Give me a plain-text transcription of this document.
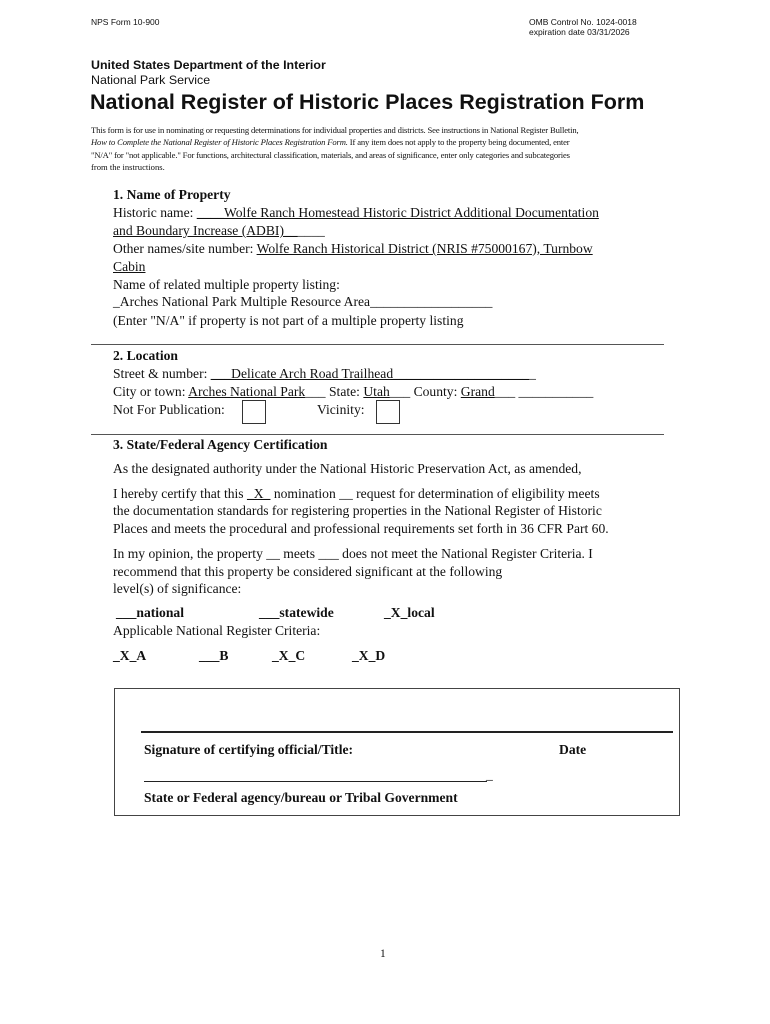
NPS Form 10-900	OMB Control No. 1024-0018
expiration date 03/31/2026
United States Department of the Interior
National Park Service
National Register of Historic Places Registration Form
This form is for use in nominating or requesting determinations for individual properties and districts. See instructions in National Register Bulletin,
How to Complete the National Register of Historic Places Registration Form. If any item does not apply to the property being documented, enter
"N/A" for "not applicable." For functions, architectural classification, materials, and areas of significance, enter only categories and subcategories
from the instructions.
1. Name of Property
Historic name: ____Wolfe Ranch Homestead Historic District Additional Documentation
and Boundary Increase (ADBI)______
Other names/site number: Wolfe Ranch Historical District (NRIS #75000167), Turnbow
Cabin
Name of related multiple property listing:
_Arches National Park Multiple Resource Area__________________
(Enter "N/A" if property is not part of a multiple property listing
2. Location
Street & number: ___Delicate Arch Road Trailhead_____________________
City or town: Arches National Park___ State: Utah___ County: Grand___ ___________
Not For Publication:	Vicinity:
3. State/Federal Agency Certification
As the designated authority under the National Historic Preservation Act, as amended,
I hereby certify that this _X_ nomination __ request for determination of eligibility meets
the documentation standards for registering properties in the National Register of Historic
Places and meets the procedural and professional requirements set forth in 36 CFR Part 60.
In my opinion, the property __ meets ___ does not meet the National Register Criteria. I
recommend that this property be considered significant at the following
level(s) of significance:
___national	___statewide	_X_local
Applicable National Register Criteria:
_X_A	___B	_X_C	_X_D
Signature of certifying official/Title:	Date
_
State or Federal agency/bureau or Tribal Government
1
